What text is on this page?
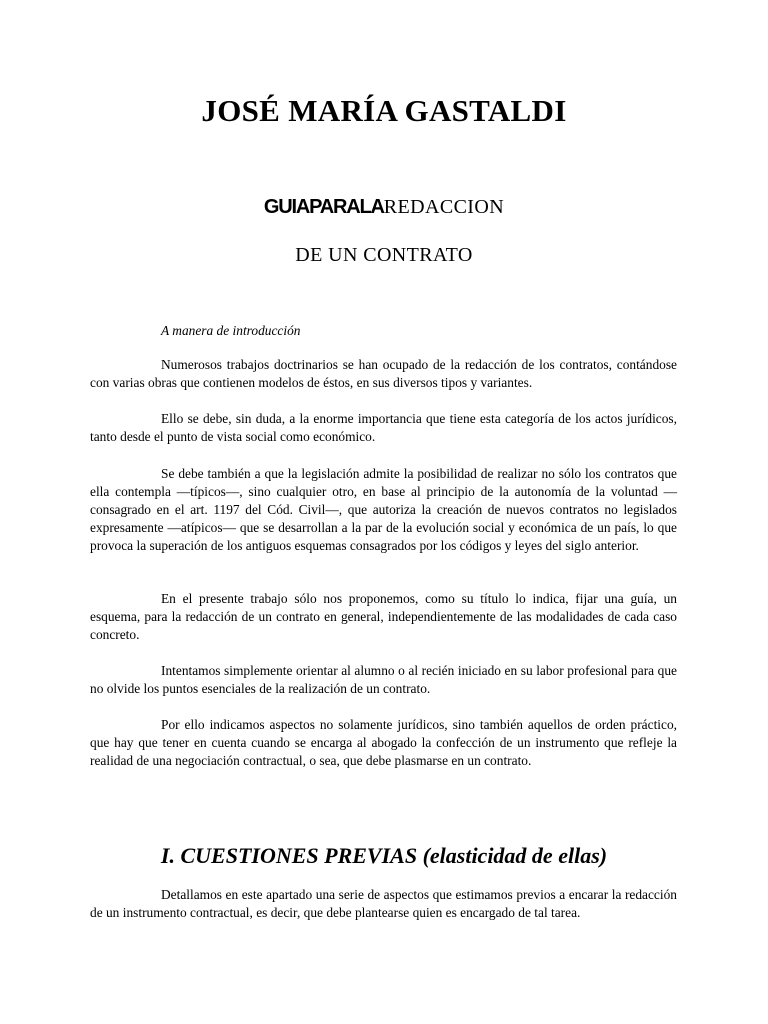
JOSÉ MARÍA GASTALDI
GUIAPARALAREDACCION
DE UN CONTRATO

A manera de introducción

Numerosos trabajos doctrinarios se han ocupado de la redacción de los contratos, contándose con varias obras que contienen modelos de éstos, en sus diversos tipos y variantes.

Ello se debe, sin duda, a la enorme importancia que tiene esta categoría de los actos jurídicos, tanto desde el punto de vista social como económico.

Se debe también a que la legislación admite la posibilidad de realizar no sólo los contratos que ella contempla —típicos—, sino cualquier otro, en base al principio de la autonomía de la voluntad —consagrado en el art. 1197 del Cód. Civil—, que autoriza la creación de nuevos contratos no legislados expresamente —atípicos— que se desarrollan a la par de la evolución social y económica de un país, lo que provoca la superación de los antiguos esquemas consagrados por los códigos y leyes del siglo anterior.

En el presente trabajo sólo nos proponemos, como su título lo indica, fijar una guía, un esquema, para la redacción de un contrato en general, independientemente de las modalidades de cada caso concreto.

Intentamos simplemente orientar al alumno o al recién iniciado en su labor profesional para que no olvide los puntos esenciales de la realización de un contrato.

Por ello indicamos aspectos no solamente jurídicos, sino también aquellos de orden práctico, que hay que tener en cuenta cuando se encarga al abogado la confección de un instrumento que refleje la realidad de una negociación contractual, o sea, que debe plasmarse en un contrato.

I. CUESTIONES PREVIAS (elasticidad de ellas)

Detallamos en este apartado una serie de aspectos que estimamos previos a encarar la redacción de un instrumento contractual, es decir, que debe plantearse quien es encargado de tal tarea.
